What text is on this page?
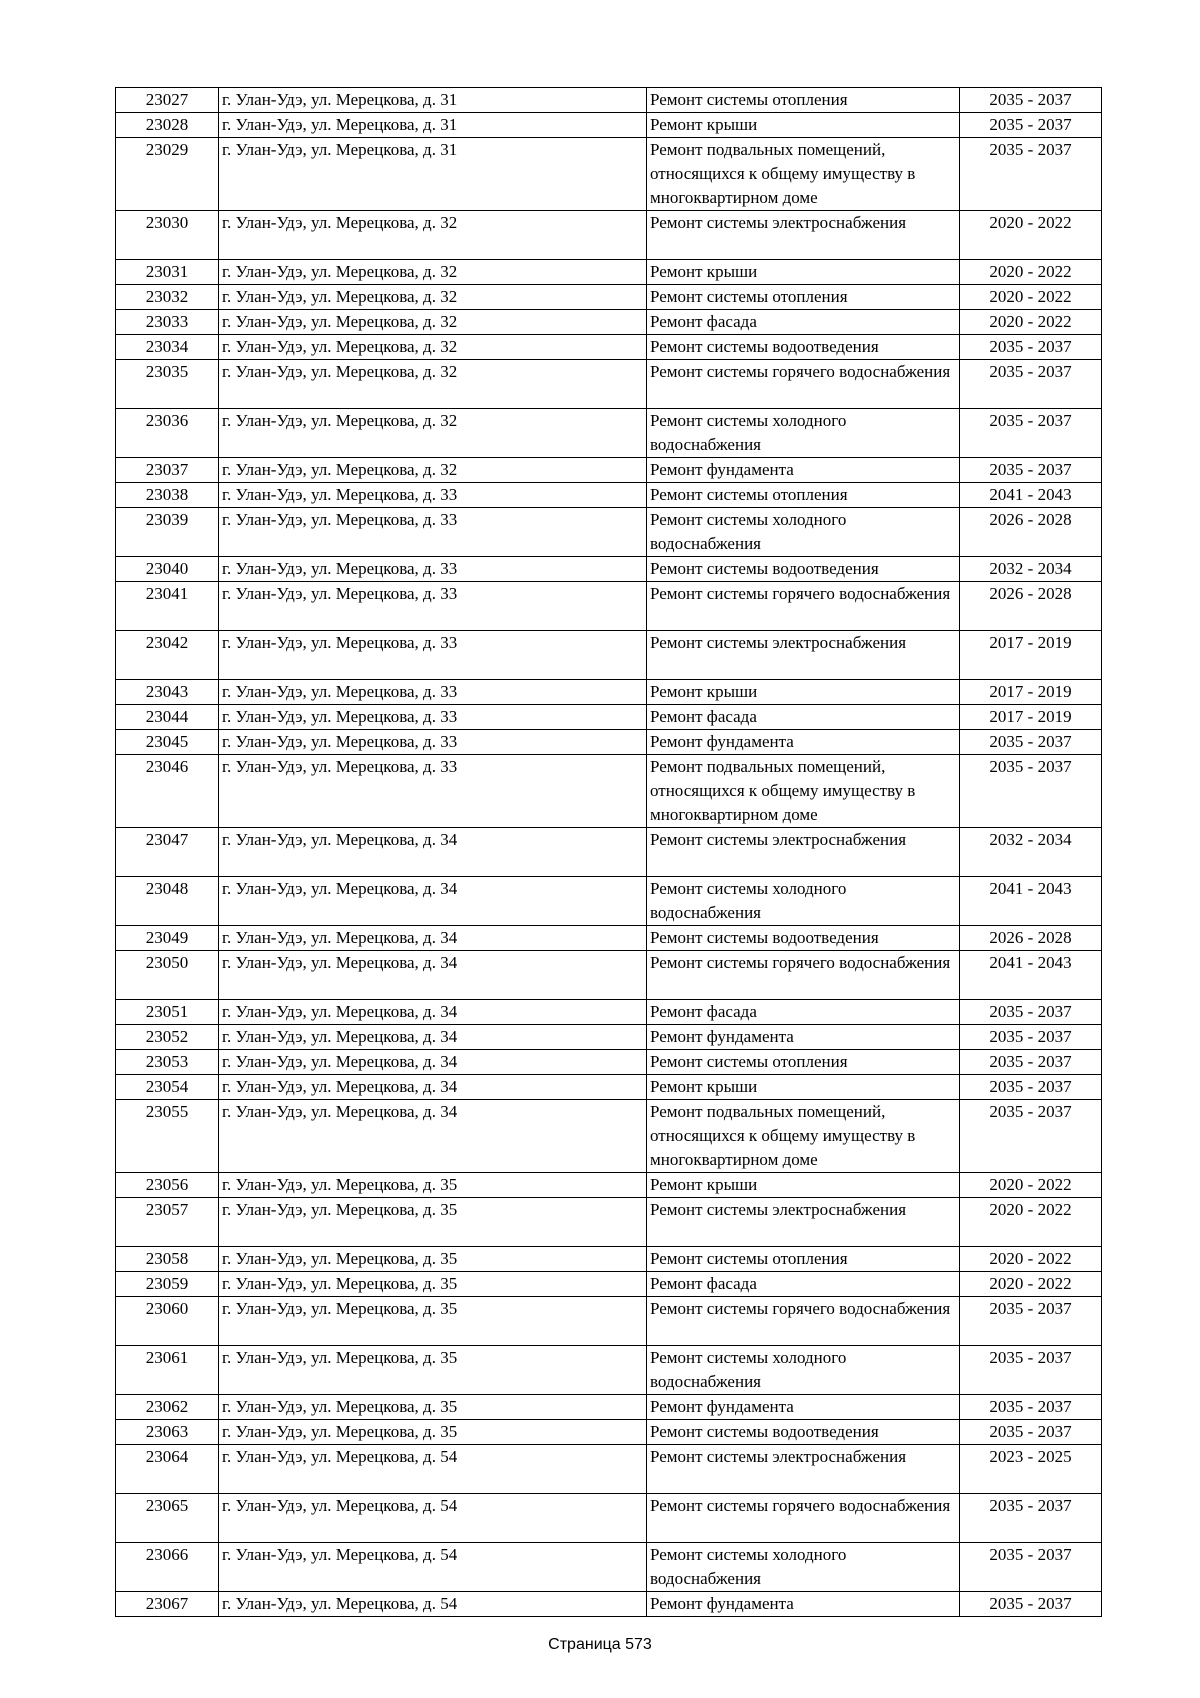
23027	г. Улан-Удэ, ул. Мерецкова, д. 31	Ремонт системы отопления	2035 - 2037
23028	г. Улан-Удэ, ул. Мерецкова, д. 31	Ремонт крыши	2035 - 2037
23029	г. Улан-Удэ, ул. Мерецкова, д. 31	Ремонт подвальных помещений, относящихся к общему имуществу в многоквартирном доме	2035 - 2037
23030	г. Улан-Удэ, ул. Мерецкова, д. 32	Ремонт системы электроснабжения	2020 - 2022
23031	г. Улан-Удэ, ул. Мерецкова, д. 32	Ремонт крыши	2020 - 2022
23032	г. Улан-Удэ, ул. Мерецкова, д. 32	Ремонт системы отопления	2020 - 2022
23033	г. Улан-Удэ, ул. Мерецкова, д. 32	Ремонт фасада	2020 - 2022
23034	г. Улан-Удэ, ул. Мерецкова, д. 32	Ремонт системы водоотведения	2035 - 2037
23035	г. Улан-Удэ, ул. Мерецкова, д. 32	Ремонт системы горячего водоснабжения	2035 - 2037
23036	г. Улан-Удэ, ул. Мерецкова, д. 32	Ремонт системы холодного водоснабжения	2035 - 2037
23037	г. Улан-Удэ, ул. Мерецкова, д. 32	Ремонт фундамента	2035 - 2037
23038	г. Улан-Удэ, ул. Мерецкова, д. 33	Ремонт системы отопления	2041 - 2043
23039	г. Улан-Удэ, ул. Мерецкова, д. 33	Ремонт системы холодного водоснабжения	2026 - 2028
23040	г. Улан-Удэ, ул. Мерецкова, д. 33	Ремонт системы водоотведения	2032 - 2034
23041	г. Улан-Удэ, ул. Мерецкова, д. 33	Ремонт системы горячего водоснабжения	2026 - 2028
23042	г. Улан-Удэ, ул. Мерецкова, д. 33	Ремонт системы электроснабжения	2017 - 2019
23043	г. Улан-Удэ, ул. Мерецкова, д. 33	Ремонт крыши	2017 - 2019
23044	г. Улан-Удэ, ул. Мерецкова, д. 33	Ремонт фасада	2017 - 2019
23045	г. Улан-Удэ, ул. Мерецкова, д. 33	Ремонт фундамента	2035 - 2037
23046	г. Улан-Удэ, ул. Мерецкова, д. 33	Ремонт подвальных помещений, относящихся к общему имуществу в многоквартирном доме	2035 - 2037
23047	г. Улан-Удэ, ул. Мерецкова, д. 34	Ремонт системы электроснабжения	2032 - 2034
23048	г. Улан-Удэ, ул. Мерецкова, д. 34	Ремонт системы холодного водоснабжения	2041 - 2043
23049	г. Улан-Удэ, ул. Мерецкова, д. 34	Ремонт системы водоотведения	2026 - 2028
23050	г. Улан-Удэ, ул. Мерецкова, д. 34	Ремонт системы горячего водоснабжения	2041 - 2043
23051	г. Улан-Удэ, ул. Мерецкова, д. 34	Ремонт фасада	2035 - 2037
23052	г. Улан-Удэ, ул. Мерецкова, д. 34	Ремонт фундамента	2035 - 2037
23053	г. Улан-Удэ, ул. Мерецкова, д. 34	Ремонт системы отопления	2035 - 2037
23054	г. Улан-Удэ, ул. Мерецкова, д. 34	Ремонт крыши	2035 - 2037
23055	г. Улан-Удэ, ул. Мерецкова, д. 34	Ремонт подвальных помещений, относящихся к общему имуществу в многоквартирном доме	2035 - 2037
23056	г. Улан-Удэ, ул. Мерецкова, д. 35	Ремонт крыши	2020 - 2022
23057	г. Улан-Удэ, ул. Мерецкова, д. 35	Ремонт системы электроснабжения	2020 - 2022
23058	г. Улан-Удэ, ул. Мерецкова, д. 35	Ремонт системы отопления	2020 - 2022
23059	г. Улан-Удэ, ул. Мерецкова, д. 35	Ремонт фасада	2020 - 2022
23060	г. Улан-Удэ, ул. Мерецкова, д. 35	Ремонт системы горячего водоснабжения	2035 - 2037
23061	г. Улан-Удэ, ул. Мерецкова, д. 35	Ремонт системы холодного водоснабжения	2035 - 2037
23062	г. Улан-Удэ, ул. Мерецкова, д. 35	Ремонт фундамента	2035 - 2037
23063	г. Улан-Удэ, ул. Мерецкова, д. 35	Ремонт системы водоотведения	2035 - 2037
23064	г. Улан-Удэ, ул. Мерецкова, д. 54	Ремонт системы электроснабжения	2023 - 2025
23065	г. Улан-Удэ, ул. Мерецкова, д. 54	Ремонт системы горячего водоснабжения	2035 - 2037
23066	г. Улан-Удэ, ул. Мерецкова, д. 54	Ремонт системы холодного водоснабжения	2035 - 2037
23067	г. Улан-Удэ, ул. Мерецкова, д. 54	Ремонт фундамента	2035 - 2037
Страница 573
